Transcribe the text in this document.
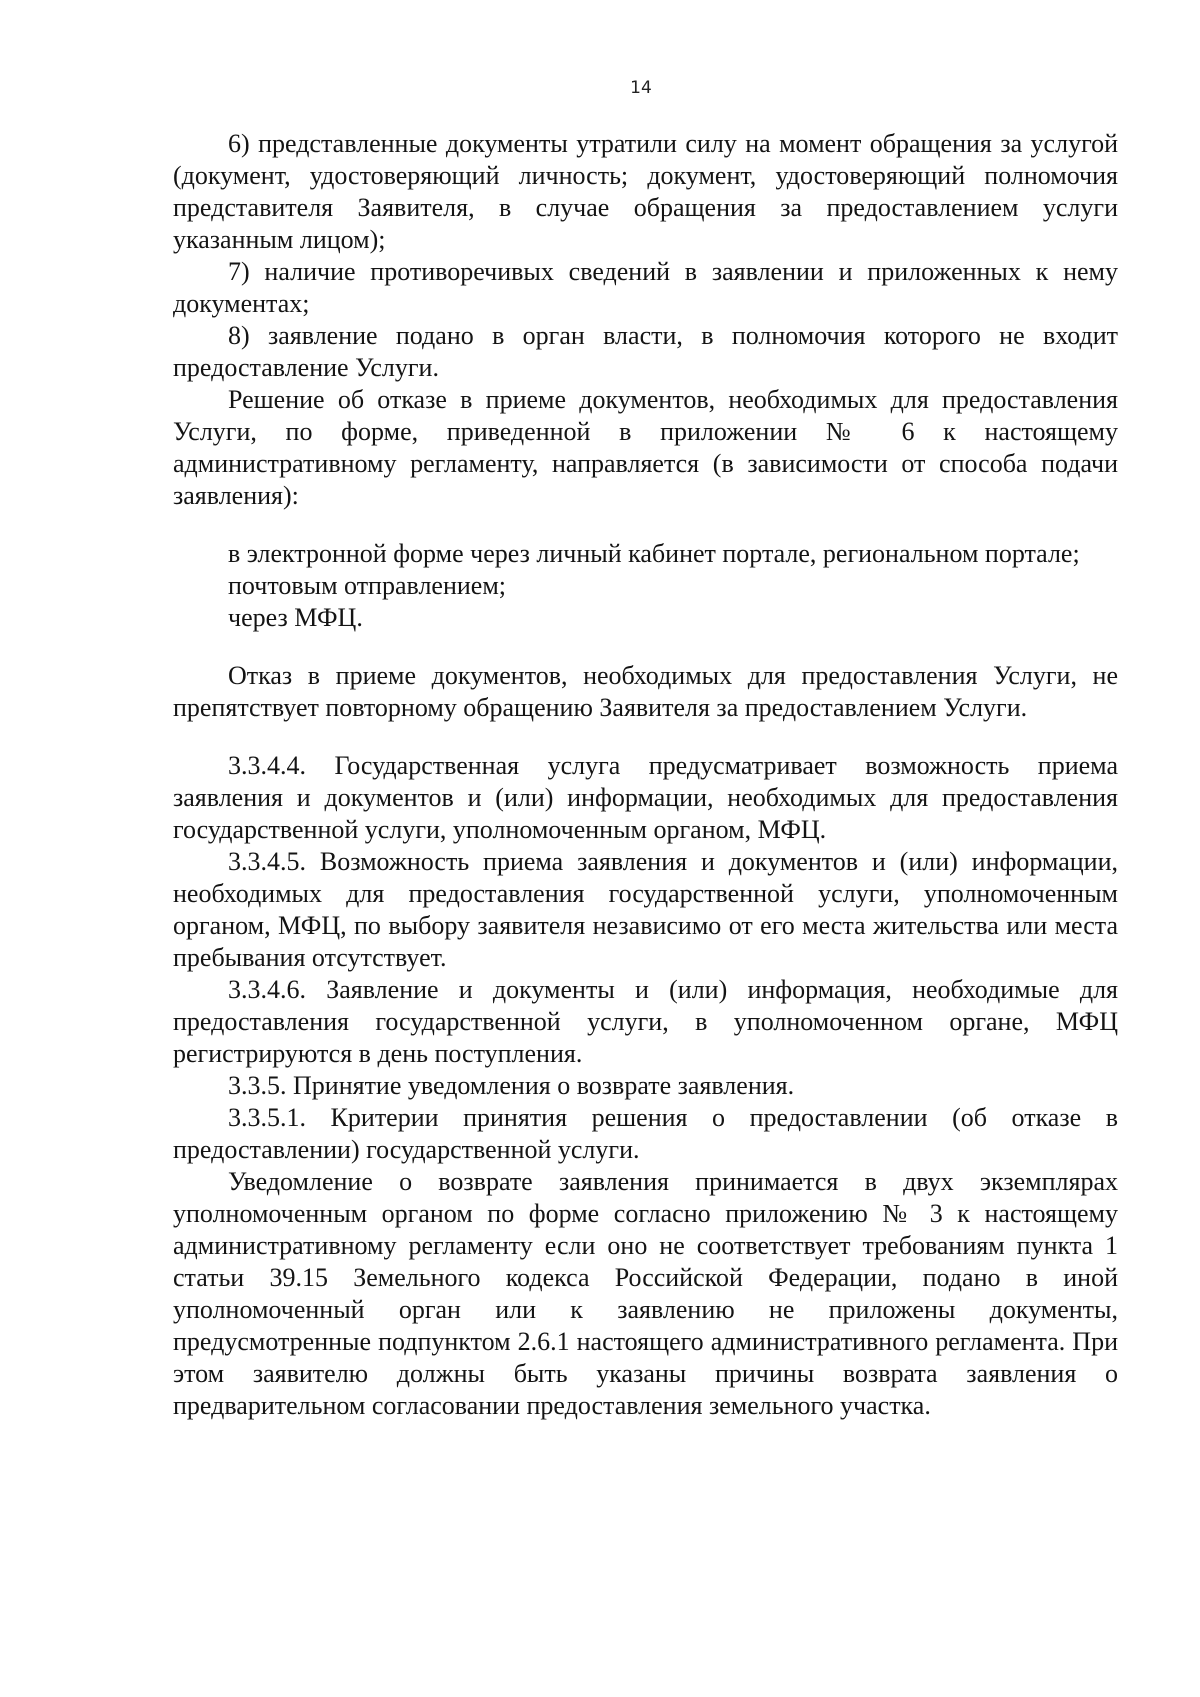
14

6) представленные документы утратили силу на момент обращения за услугой (документ, удостоверяющий личность; документ, удостоверяющий полномочия представителя Заявителя, в случае обращения за предоставлением услуги указанным лицом);

7) наличие противоречивых сведений в заявлении и приложенных к нему документах;

8) заявление подано в орган власти, в полномочия которого не входит предоставление Услуги.

Решение об отказе в приеме документов, необходимых для предоставления Услуги, по форме, приведенной в приложении № 6 к настоящему административному регламенту, направляется (в зависимости от способа подачи заявления):

в электронной форме через личный кабинет портале, региональном портале;

почтовым отправлением;

через МФЦ.

Отказ в приеме документов, необходимых для предоставления Услуги, не препятствует повторному обращению Заявителя за предоставлением Услуги.

3.3.4.4. Государственная услуга предусматривает возможность приема заявления и документов и (или) информации, необходимых для предоставления государственной услуги, уполномоченным органом, МФЦ.

3.3.4.5. Возможность приема заявления и документов и (или) информации, необходимых для предоставления государственной услуги, уполномоченным органом, МФЦ, по выбору заявителя независимо от его места жительства или места пребывания отсутствует.

3.3.4.6. Заявление и документы и (или) информация, необходимые для предоставления государственной услуги, в уполномоченном органе, МФЦ регистрируются в день поступления.

3.3.5. Принятие уведомления о возврате заявления.

3.3.5.1. Критерии принятия решения о предоставлении (об отказе в предоставлении) государственной услуги.

Уведомление о возврате заявления принимается в двух экземплярах уполномоченным органом по форме согласно приложению № 3 к настоящему административному регламенту если оно не соответствует требованиям пункта 1 статьи 39.15 Земельного кодекса Российской Федерации, подано в иной уполномоченный орган или к заявлению не приложены документы, предусмотренные подпунктом 2.6.1 настоящего административного регламента. При этом заявителю должны быть указаны причины возврата заявления о предварительном согласовании предоставления земельного участка.
